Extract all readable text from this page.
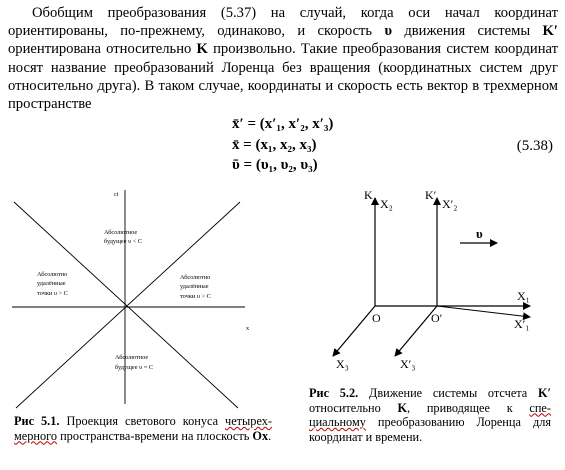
Обобщим преобразования (5.37) на случай, когда оси начал координат ориентированы, по-прежнему, одинаково, и скорость υ движения системы K′ ориентирована относительно K произвольно. Такие преобразования систем координат носят название преобразований Лоренца без вращения (координатных систем друг относительно друга). В таком случае, координаты и скорость есть вектор в трехмерном пространстве
x̄′ = (x′₁, x′₂, x′₃)
x̄ = (x₁, x₂, x₃)
ῡ = (υ₁, υ₂, υ₃)
(5.38)
ct
x
Абсолютное
будущее υ < C
Абсолютно
удалённые
точки υ > C
Абсолютно
удалённые
точки υ > C
Абсолютное
будущее υ = C
Рис 5.1. Проекция светового конуса четырех-мерного пространства-времени на плоскость Ox.
K
X₂
K′
X′₂
υ
X₁
X′₁
O	O′
X₃	X′₃
Рис 5.2. Движение системы отсчета K′ относительно K, приводящее к спе-циальному преобразованию Лоренца для координат и времени.
